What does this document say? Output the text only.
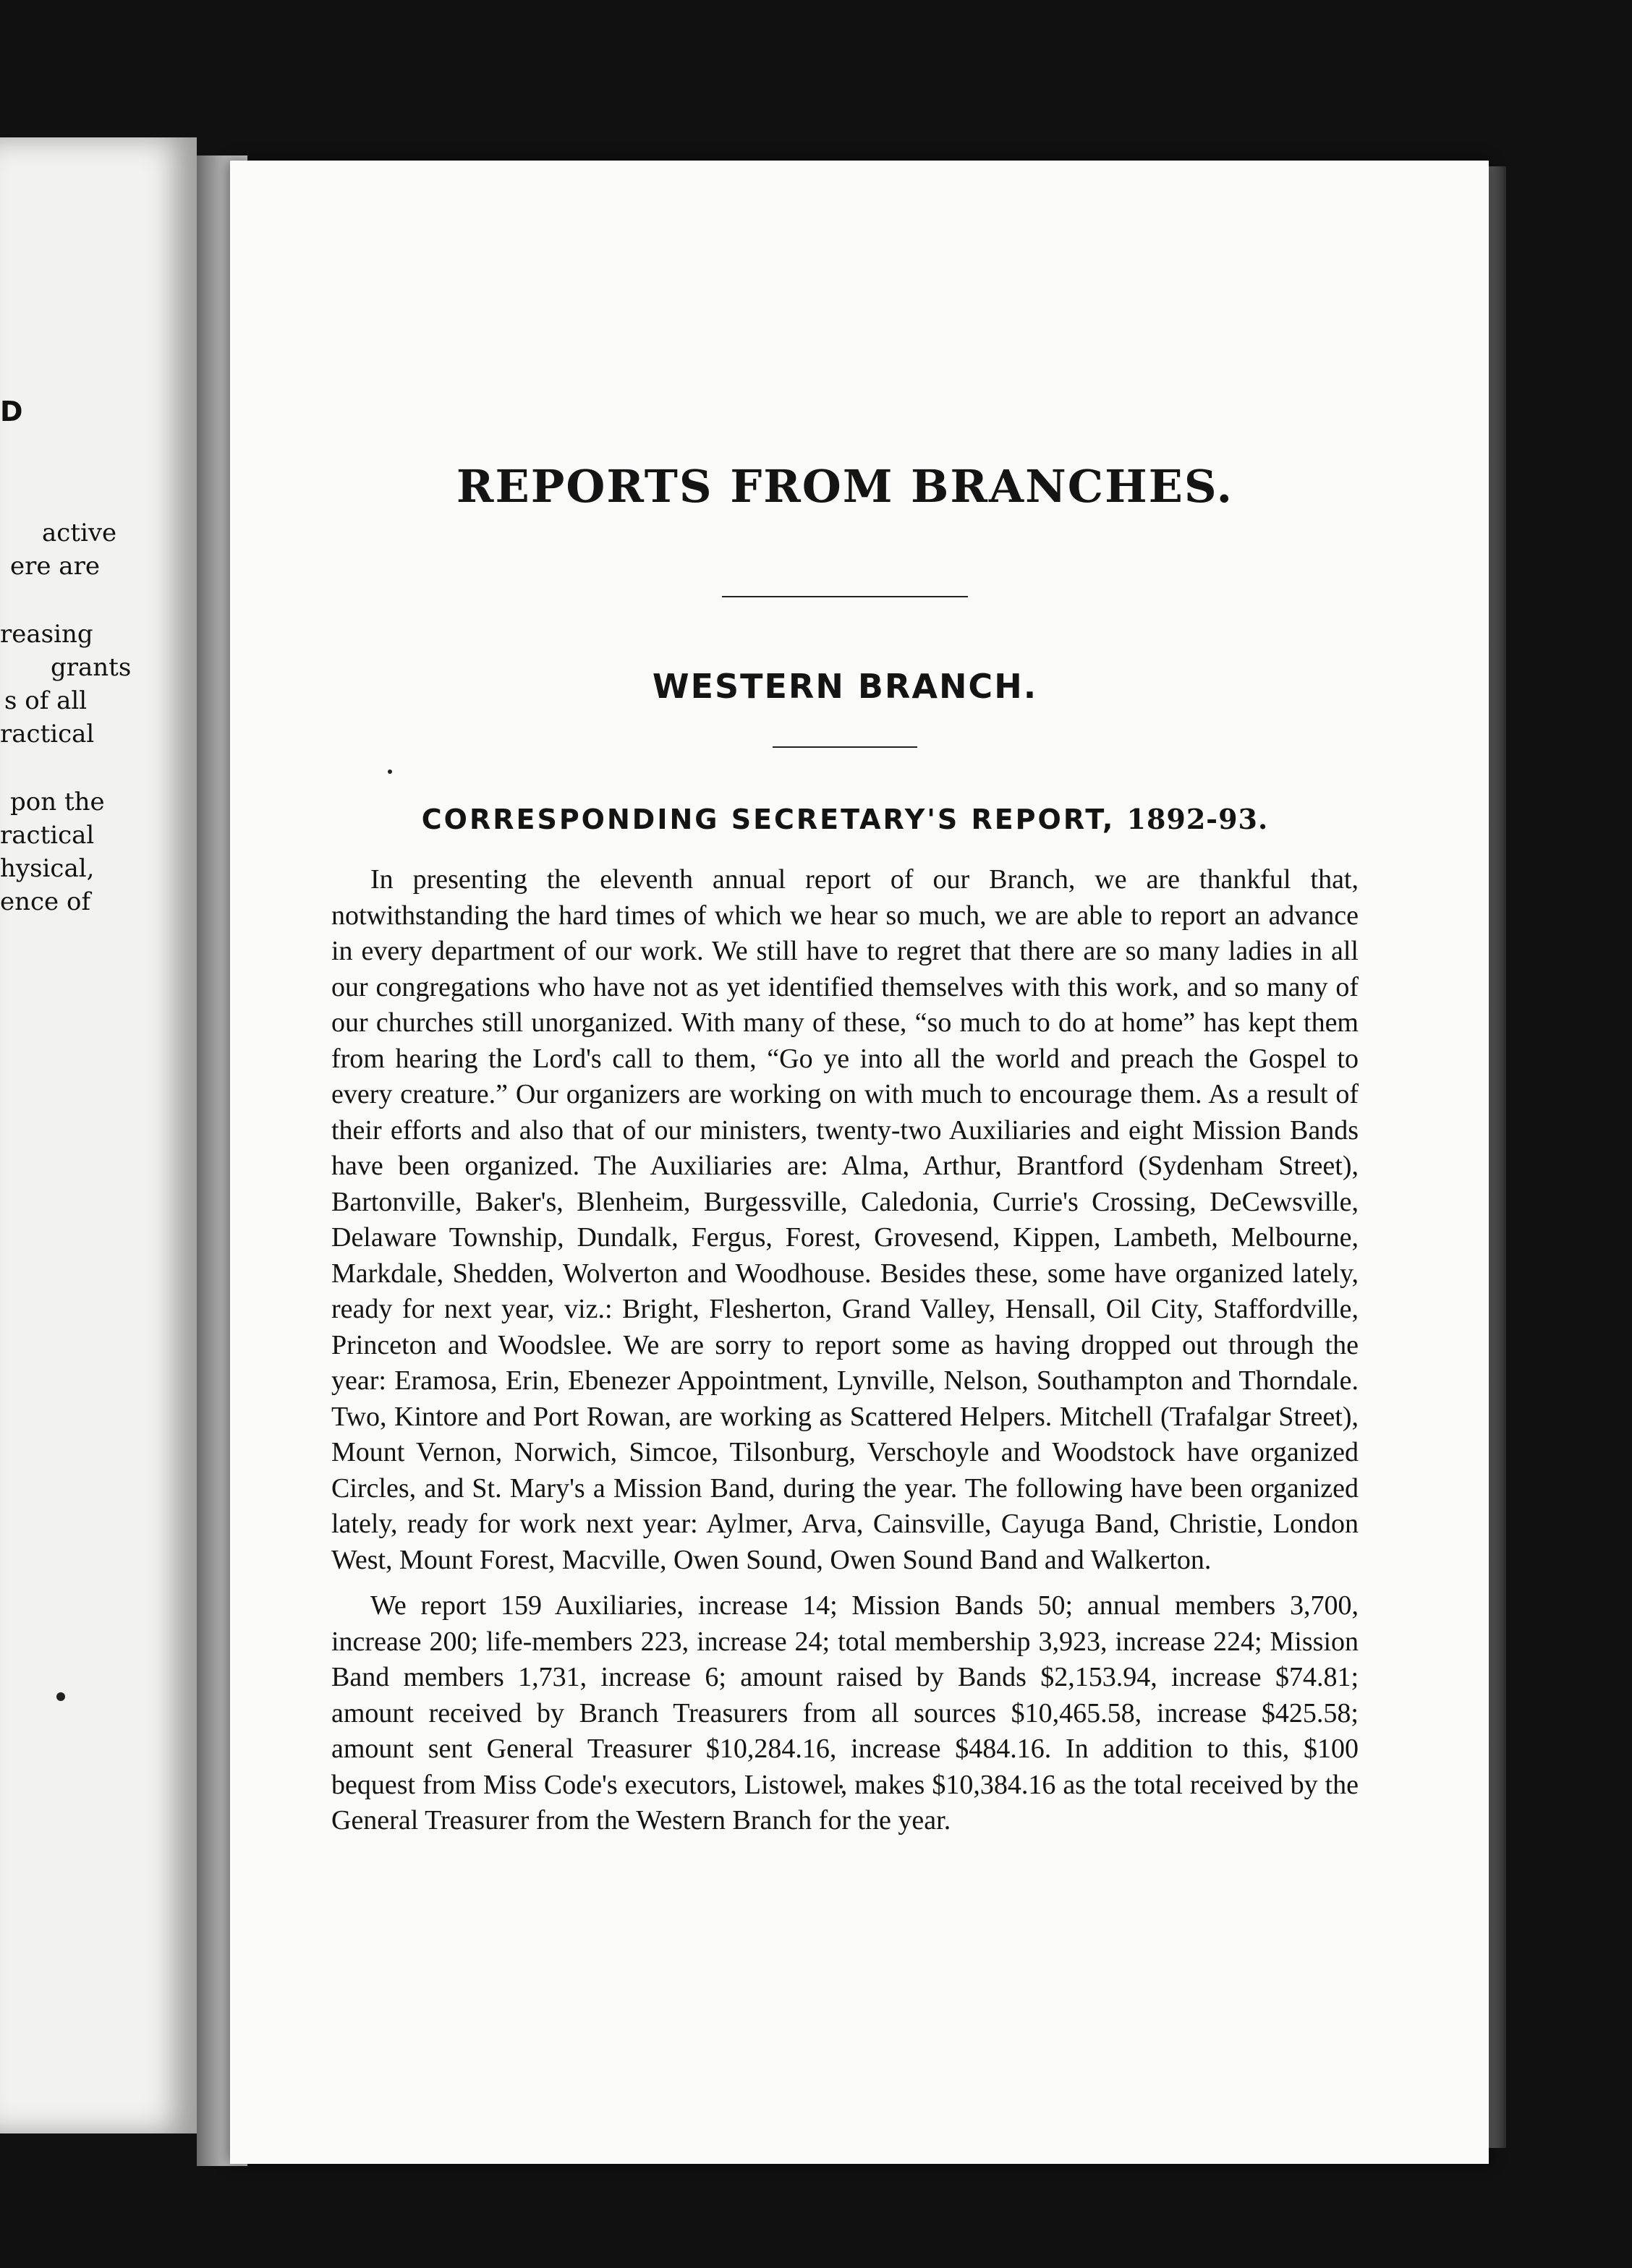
D
active
ere are
reasing
grants
s of all
ractical
pon the
ractical
hysical,
ence of
REPORTS FROM BRANCHES.
WESTERN BRANCH.
CORRESPONDING SECRETARY'S REPORT, 1892-93.

In presenting the eleventh annual report of our Branch, we are thankful that, notwithstanding the hard times of which we hear so much, we are able to report an advance in every department of our work. We still have to regret that there are so many ladies in all our congregations who have not as yet identified themselves with this work, and so many of our churches still unorganized. With many of these, “so much to do at home” has kept them from hearing the Lord's call to them, “Go ye into all the world and preach the Gospel to every creature.” Our organizers are working on with much to encourage them. As a result of their efforts and also that of our ministers, twenty-two Auxiliaries and eight Mission Bands have been organized. The Auxiliaries are: Alma, Arthur, Brantford (Sydenham Street), Bartonville, Baker's, Blenheim, Burgessville, Caledonia, Currie's Crossing, DeCewsville, Delaware Township, Dundalk, Fergus, Forest, Grovesend, Kippen, Lambeth, Melbourne, Markdale, Shedden, Wolverton and Woodhouse. Besides these, some have organized lately, ready for next year, viz.: Bright, Flesherton, Grand Valley, Hensall, Oil City, Staffordville, Princeton and Woodslee. We are sorry to report some as having dropped out through the year: Eramosa, Erin, Ebenezer Appointment, Lynville, Nelson, Southampton and Thorndale. Two, Kintore and Port Rowan, are working as Scattered Helpers. Mitchell (Trafalgar Street), Mount Vernon, Norwich, Simcoe, Tilsonburg, Verschoyle and Woodstock have organized Circles, and St. Mary's a Mission Band, during the year. The following have been organized lately, ready for work next year: Aylmer, Arva, Cainsville, Cayuga Band, Christie, London West, Mount Forest, Macville, Owen Sound, Owen Sound Band and Walkerton.

We report 159 Auxiliaries, increase 14; Mission Bands 50; annual members 3,700, increase 200; life-members 223, increase 24; total membership 3,923, increase 224; Mission Band members 1,731, increase 6; amount raised by Bands $2,153.94, increase $74.81; amount received by Branch Treasurers from all sources $10,465.58, increase $425.58; amount sent General Treasurer $10,284.16, increase $484.16. In addition to this, $100 bequest from Miss Code's executors, Listowel, makes $10,384.16 as the total received by the General Treasurer from the Western Branch for the year.
